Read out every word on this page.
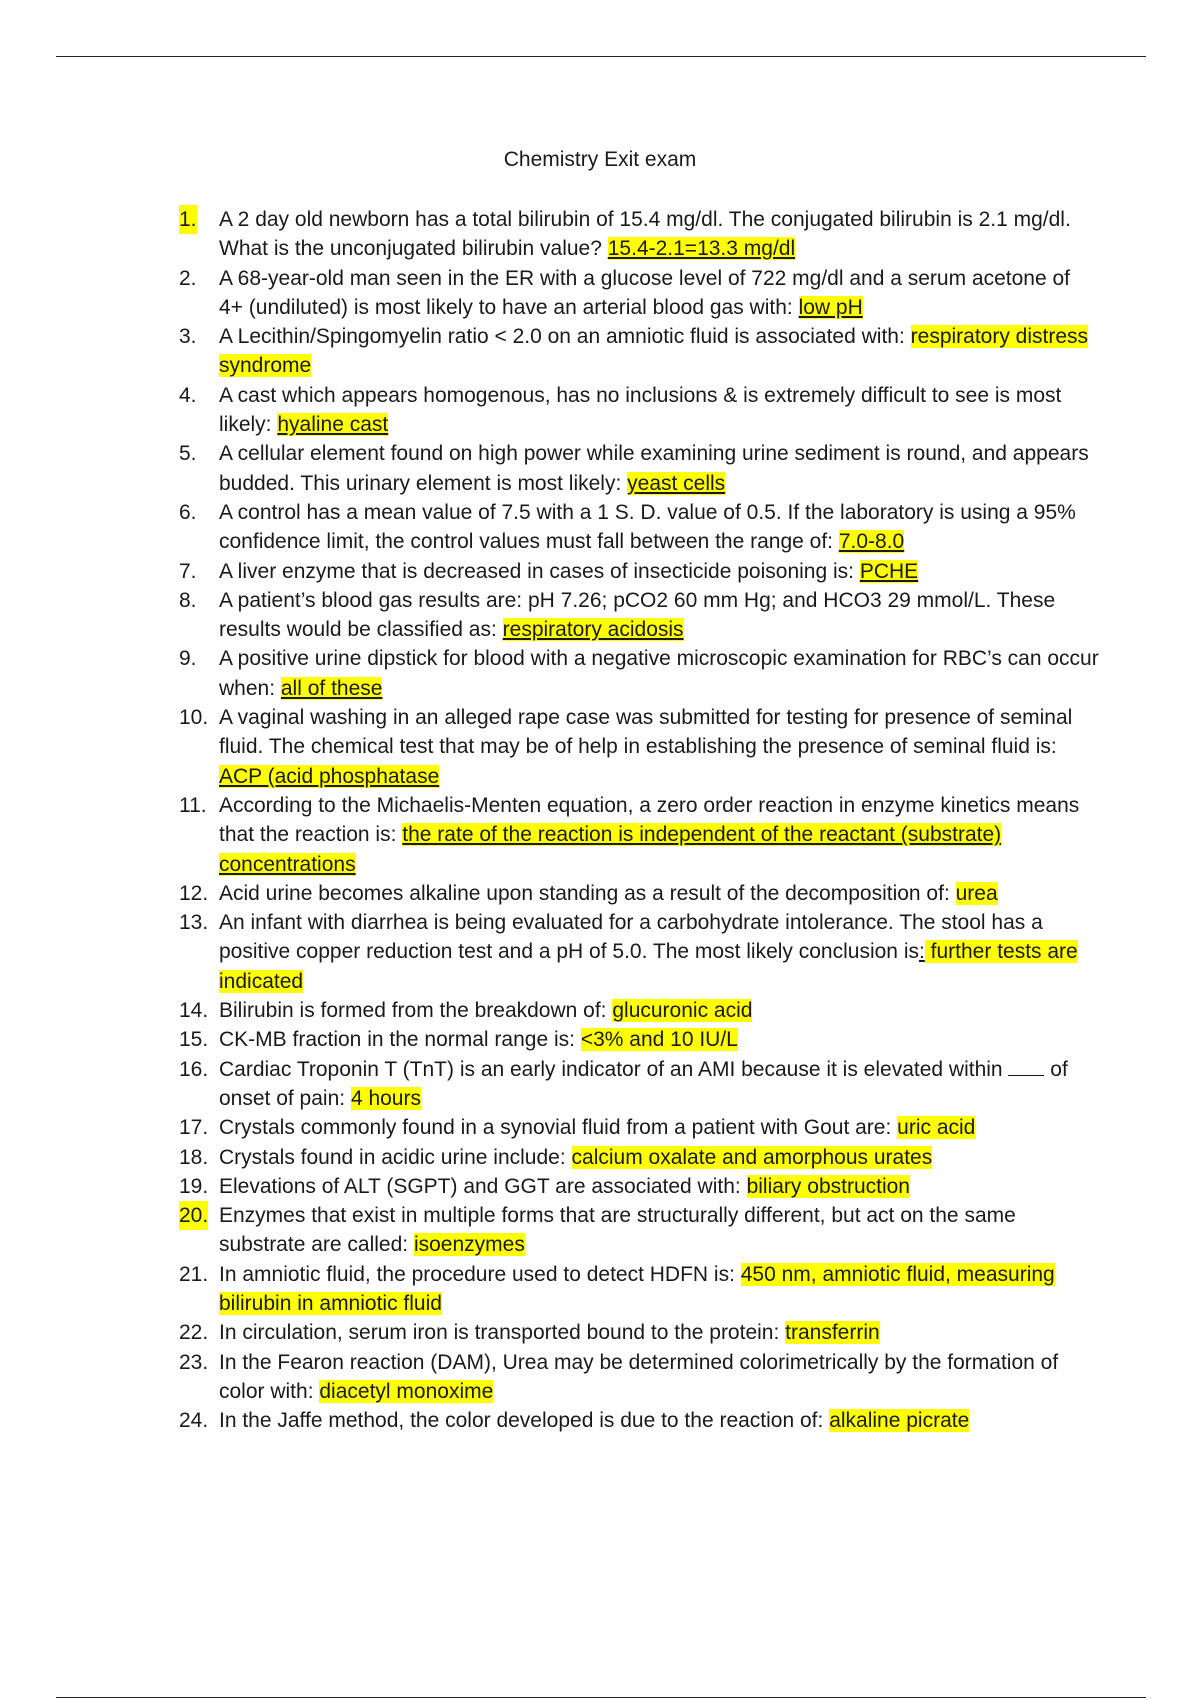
Chemistry Exit exam
1. A 2 day old newborn has a total bilirubin of 15.4 mg/dl. The conjugated bilirubin is 2.1 mg/dl. What is the unconjugated bilirubin value? 15.4-2.1=13.3 mg/dl
2. A 68-year-old man seen in the ER with a glucose level of 722 mg/dl and a serum acetone of 4+ (undiluted) is most likely to have an arterial blood gas with: low pH
3. A Lecithin/Spingomyelin ratio < 2.0 on an amniotic fluid is associated with: respiratory distress syndrome
4. A cast which appears homogenous, has no inclusions & is extremely difficult to see is most likely: hyaline cast
5. A cellular element found on high power while examining urine sediment is round, and appears budded. This urinary element is most likely: yeast cells
6. A control has a mean value of 7.5 with a 1 S. D. value of 0.5. If the laboratory is using a 95% confidence limit, the control values must fall between the range of: 7.0-8.0
7. A liver enzyme that is decreased in cases of insecticide poisoning is: PCHE
8. A patient’s blood gas results are: pH 7.26; pCO2 60 mm Hg; and HCO3 29 mmol/L. These results would be classified as: respiratory acidosis
9. A positive urine dipstick for blood with a negative microscopic examination for RBC’s can occur when: all of these
10. A vaginal washing in an alleged rape case was submitted for testing for presence of seminal fluid. The chemical test that may be of help in establishing the presence of seminal fluid is: ACP (acid phosphatase
11. According to the Michaelis-Menten equation, a zero order reaction in enzyme kinetics means that the reaction is: the rate of the reaction is independent of the reactant (substrate) concentrations
12. Acid urine becomes alkaline upon standing as a result of the decomposition of: urea
13. An infant with diarrhea is being evaluated for a carbohydrate intolerance. The stool has a positive copper reduction test and a pH of 5.0. The most likely conclusion is: further tests are indicated
14. Bilirubin is formed from the breakdown of: glucuronic acid
15. CK-MB fraction in the normal range is: <3% and 10 IU/L
16. Cardiac Troponin T (TnT) is an early indicator of an AMI because it is elevated within  of onset of pain: 4 hours
17. Crystals commonly found in a synovial fluid from a patient with Gout are: uric acid
18. Crystals found in acidic urine include: calcium oxalate and amorphous urates
19. Elevations of ALT (SGPT) and GGT are associated with: biliary obstruction
20. Enzymes that exist in multiple forms that are structurally different, but act on the same substrate are called: isoenzymes
21. In amniotic fluid, the procedure used to detect HDFN is: 450 nm, amniotic fluid, measuring bilirubin in amniotic fluid
22. In circulation, serum iron is transported bound to the protein: transferrin
23. In the Fearon reaction (DAM), Urea may be determined colorimetrically by the formation of color with: diacetyl monoxime
24. In the Jaffe method, the color developed is due to the reaction of: alkaline picrate
